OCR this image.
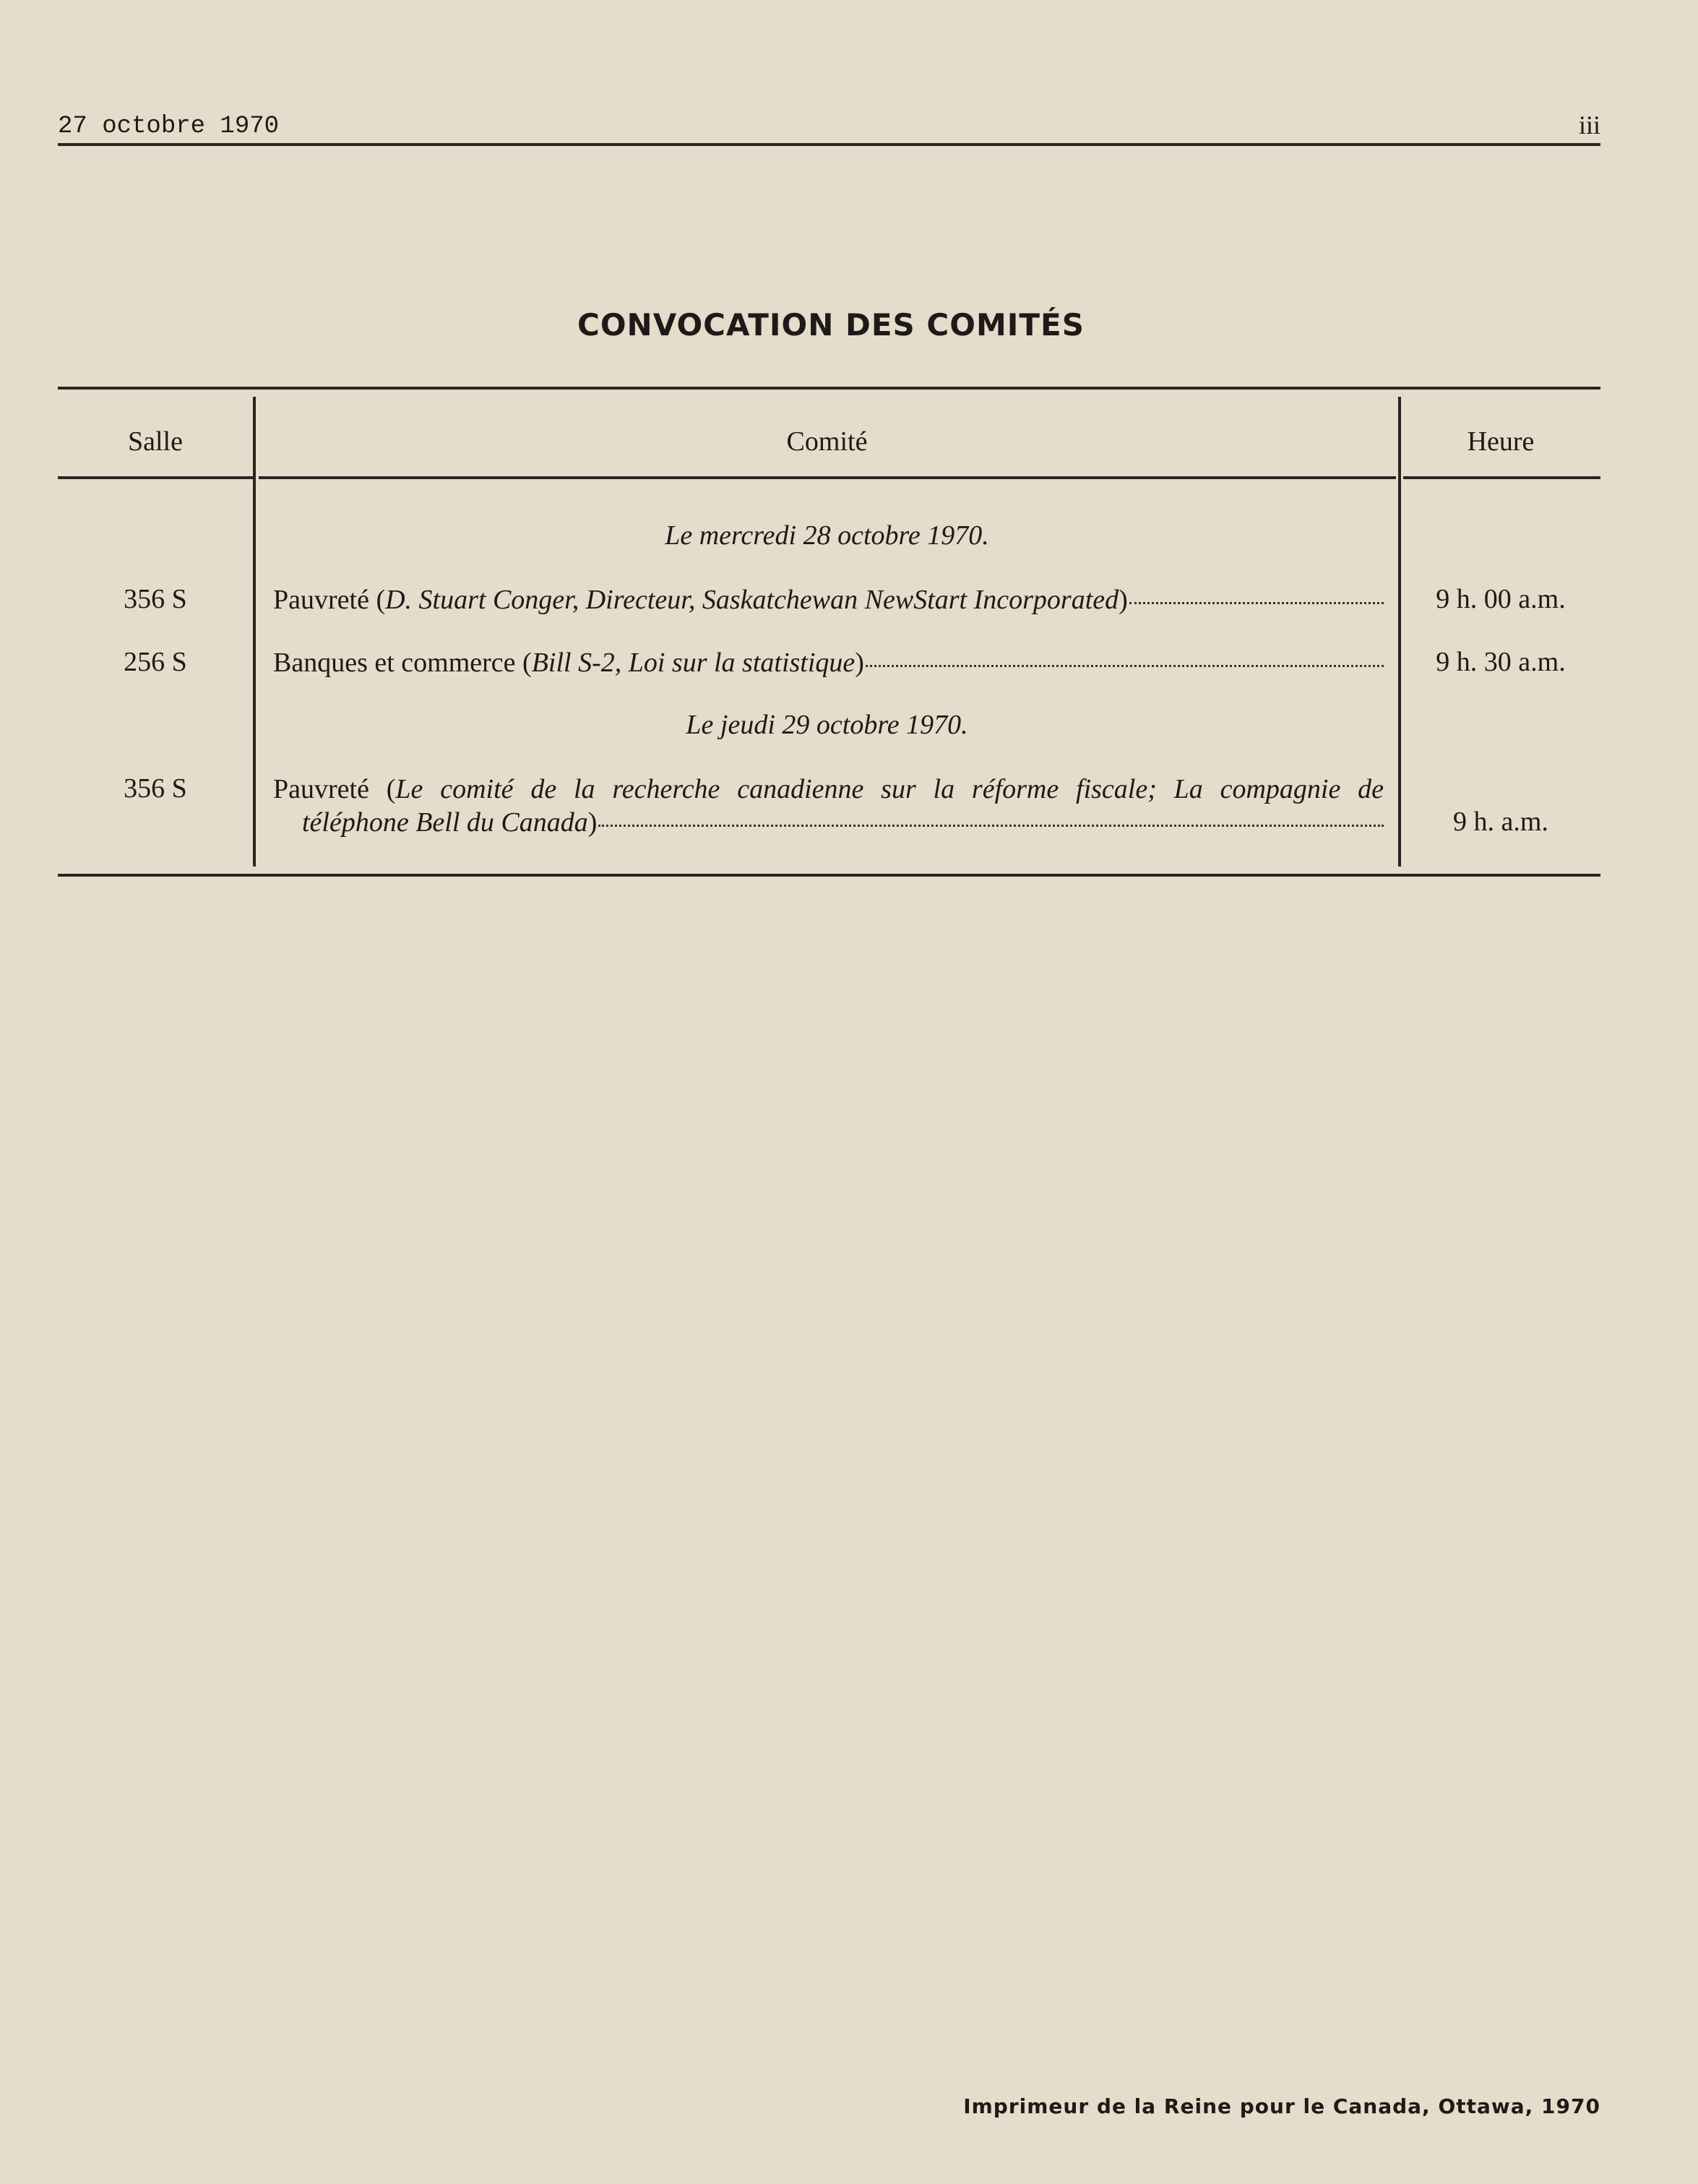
27 octobre 1970	iii
CONVOCATION DES COMITÉS
Salle	Comité	Heure
Le mercredi 28 octobre 1970.
356 S	Pauvreté (D. Stuart Conger, Directeur, Saskatchewan NewStart Incorporated)	9 h. 00 a.m.
256 S	Banques et commerce (Bill S-2, Loi sur la statistique)	9 h. 30 a.m.
Le jeudi 29 octobre 1970.
356 S	Pauvreté (Le comité de la recherche canadienne sur la réforme fiscale; La compagnie de
téléphone Bell du Canada)	9 h. a.m.
Imprimeur de la Reine pour le Canada, Ottawa, 1970
